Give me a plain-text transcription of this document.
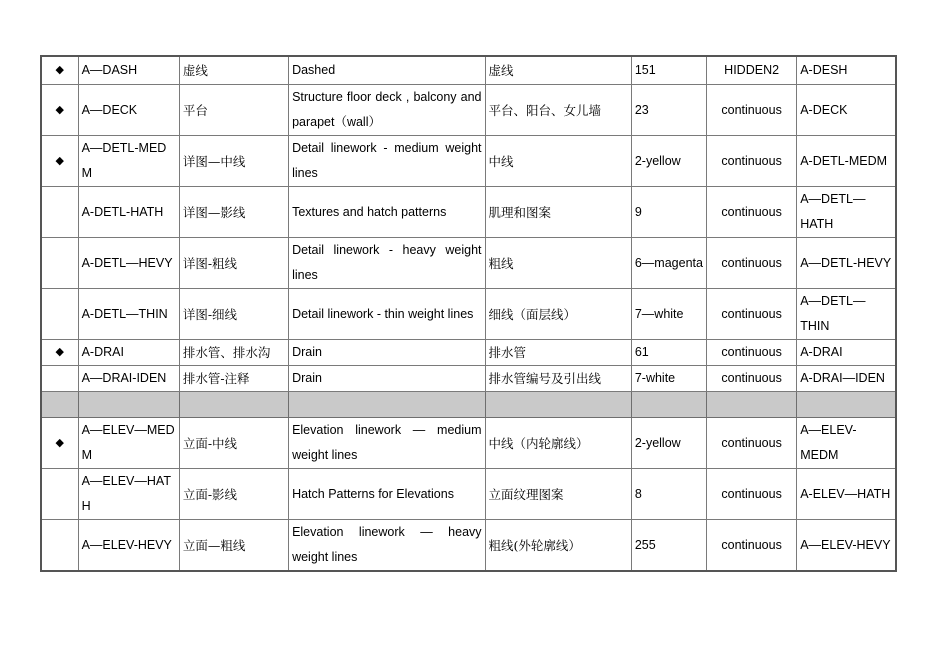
◆	A—DASH	虚线	Dashed	虚线	151	HIDDEN2	A-DESH
◆	A—DECK	平台	Structure floor deck , balcony and parapet（wall）	平台、阳台、女儿墙	23	continuous	A-DECK
◆	A—DETL-MEDM	详图—中线	Detail linework - medium weight lines	中线	2-yellow	continuous	A-DETL-MEDM
	A-DETL-HATH	详图—影线	Textures and hatch patterns	肌理和图案	9	continuous	A—DETL—HATH
	A-DETL—HEVY	详图-粗线	Detail linework - heavy weight lines	粗线	6—magenta	continuous	A—DETL-HEVY
	A-DETL—THIN	详图-细线	Detail linework - thin weight lines	细线（面层线）	7—white	continuous	A—DETL—THIN
◆	A-DRAI	排水管、排水沟	Drain	排水管	61	continuous	A-DRAI
	A—DRAI-IDEN	排水管-注释	Drain	排水管编号及引出线	7-white	continuous	A-DRAI—IDEN

◆	A—ELEV—MEDM	立面-中线	Elevation linework — medium weight lines	中线（内轮廓线）	2-yellow	continuous	A—ELEV-MEDM
	A—ELEV—HATH	立面-影线	Hatch Patterns for Elevations	立面纹理图案	8	continuous	A-ELEV—HATH
	A—ELEV-HEVY	立面—粗线	Elevation linework — heavy weight lines	粗线(外轮廓线）	255	continuous	A—ELEV-HEVY
